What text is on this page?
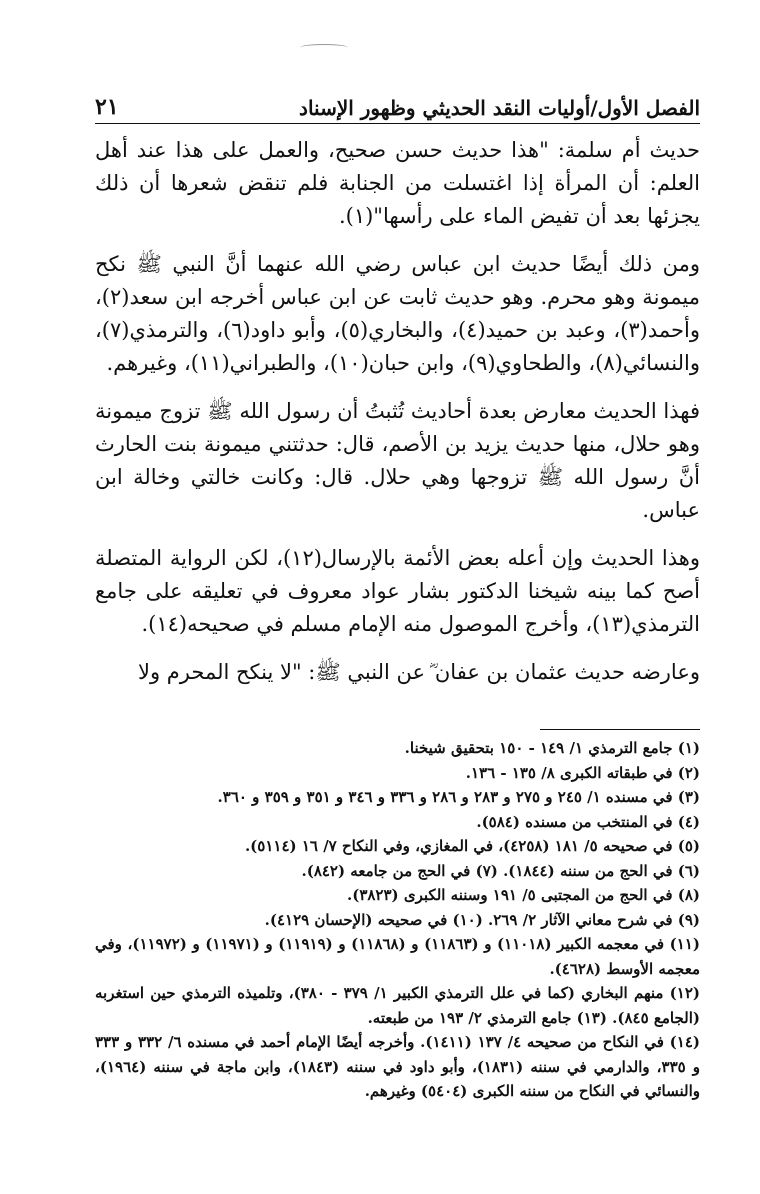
الفصل الأول/أوليات النقد الحديثي وظهور الإسناد
٢١

حديث أم سلمة: "هذا حديث حسن صحيح، والعمل على هذا عند أهل العلم: أن المرأة إذا اغتسلت من الجنابة فلم تنقض شعرها أن ذلك يجزئها بعد أن تفيض الماء على رأسها"(١).

ومن ذلك أيضًا حديث ابن عباس رضي الله عنهما أنَّ النبي ﷺ نكح ميمونة وهو محرم. وهو حديث ثابت عن ابن عباس أخرجه ابن سعد(٢)، وأحمد(٣)، وعبد بن حميد(٤)، والبخاري(٥)، وأبو داود(٦)، والترمذي(٧)، والنسائي(٨)، والطحاوي(٩)، وابن حبان(١٠)، والطبراني(١١)، وغيرهم.

فهذا الحديث معارض بعدة أحاديث تُثبتُ أن رسول الله ﷺ تزوج ميمونة وهو حلال، منها حديث يزيد بن الأصم، قال: حدثتني ميمونة بنت الحارث أنَّ رسول الله ﷺ تزوجها وهي حلال. قال: وكانت خالتي وخالة ابن عباس.

وهذا الحديث وإن أعله بعض الأئمة بالإرسال(١٢)، لكن الرواية المتصلة أصح كما بينه شيخنا الدكتور بشار عواد معروف في تعليقه على جامع الترمذي(١٣)، وأخرج الموصول منه الإمام مسلم في صحيحه(١٤).

وعارضه حديث عثمان بن عفان ؓ عن النبي ﷺ: "لا ينكح المحرم ولا

(١) جامع الترمذي ١/ ١٤٩ - ١٥٠ بتحقيق شيخنا.
(٢) في طبقاته الكبرى ٨/ ١٣٥ - ١٣٦.
(٣) في مسنده ١/ ٢٤٥ و ٢٧٥ و ٢٨٣ و ٢٨٦ و ٣٣٦ و ٣٤٦ و ٣٥١ و ٣٥٩ و ٣٦٠.
(٤) في المنتخب من مسنده (٥٨٤).
(٥) في صحيحه ٥/ ١٨١ (٤٢٥٨)، في المغازي، وفي النكاح ٧/ ١٦ (٥١١٤).
(٦) في الحج من سننه (١٨٤٤). (٧) في الحج من جامعه (٨٤٢).
(٨) في الحج من المجتبى ٥/ ١٩١ وسننه الكبرى (٣٨٢٣).
(٩) في شرح معاني الآثار ٢/ ٢٦٩. (١٠) في صحيحه (الإحسان ٤١٢٩).
(١١) في معجمه الكبير (١١٠١٨) و (١١٨٦٣) و (١١٨٦٨) و (١١٩١٩) و (١١٩٧١) و (١١٩٧٢)، وفي معجمه الأوسط (٤٦٢٨).
(١٢) منهم البخاري (كما في علل الترمذي الكبير ١/ ٣٧٩ - ٣٨٠)، وتلميذه الترمذي حين استغربه (الجامع ٨٤٥). (١٣) جامع الترمذي ٢/ ١٩٣ من طبعته.
(١٤) في النكاح من صحيحه ٤/ ١٣٧ (١٤١١). وأخرجه أيضًا الإمام أحمد في مسنده ٦/ ٣٣٢ و ٣٣٣ و ٣٣٥، والدارمي في سننه (١٨٣١)، وأبو داود في سننه (١٨٤٣)، وابن ماجة في سننه (١٩٦٤)، والنسائي في النكاح من سننه الكبرى (٥٤٠٤) وغيرهم.
